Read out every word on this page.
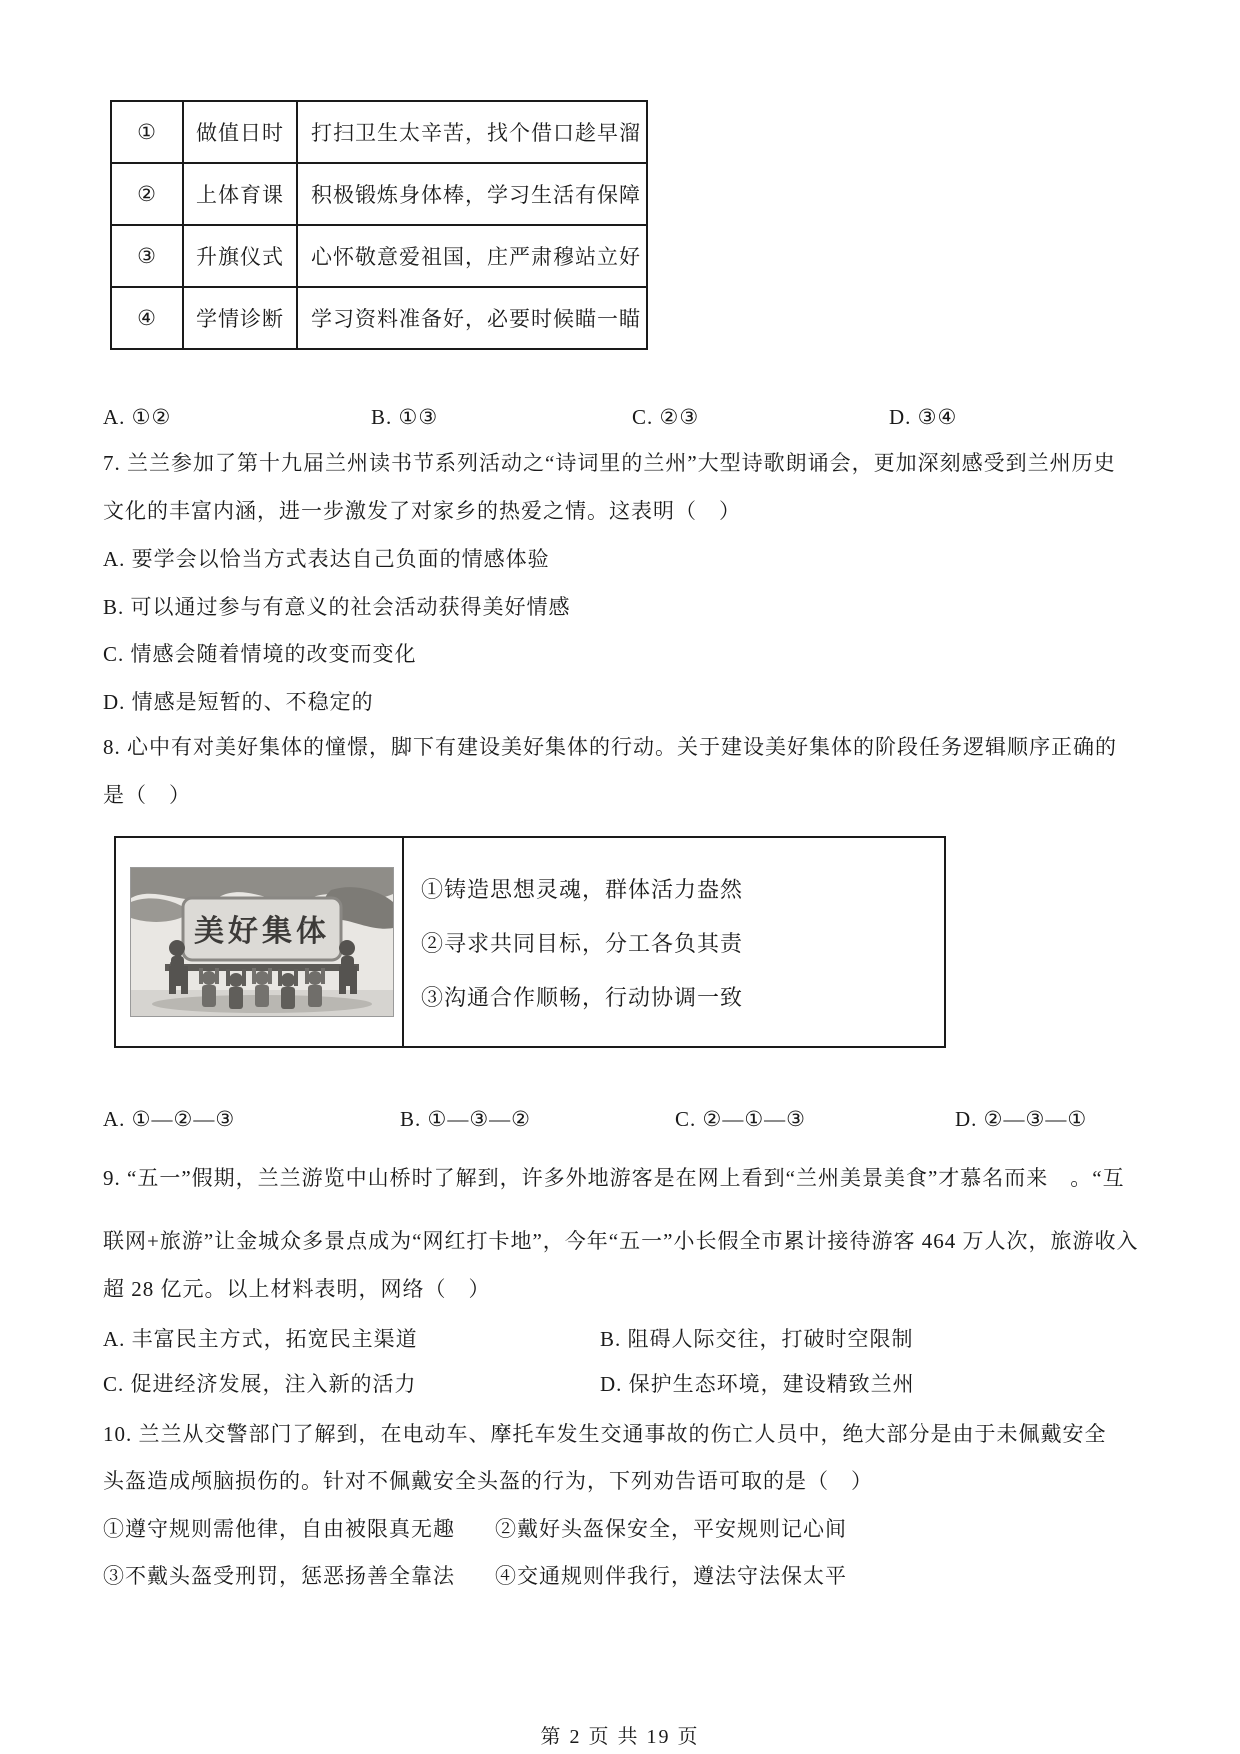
①	做值日时	打扫卫生太辛苦，找个借口趁早溜
②	上体育课	积极锻炼身体棒，学习生活有保障
③	升旗仪式	心怀敬意爱祖国，庄严肃穆站立好
④	学情诊断	学习资料准备好，必要时候瞄一瞄
A. ①②	B. ①③	C. ②③	D. ③④
7. 兰兰参加了第十九届兰州读书节系列活动之“诗词里的兰州”大型诗歌朗诵会，更加深刻感受到兰州历史
文化的丰富内涵，进一步激发了对家乡的热爱之情。这表明（　）
A. 要学会以恰当方式表达自己负面的情感体验
B. 可以通过参与有意义的社会活动获得美好情感
C. 情感会随着情境的改变而变化
D. 情感是短暂的、不稳定的
8. 心中有对美好集体的憧憬，脚下有建设美好集体的行动。关于建设美好集体的阶段任务逻辑顺序正确的
是（　）
美好集体
①铸造思想灵魂，群体活力盎然
②寻求共同目标，分工各负其责
③沟通合作顺畅，行动协调一致
A. ①—②—③	B. ①—③—②	C. ②—①—③	D. ②—③—①
9. “五一”假期，兰兰游览中山桥时了解到，许多外地游客是在网上看到“兰州美景美食”才慕名而来　。“互
联网+旅游”让金城众多景点成为“网红打卡地”，今年“五一”小长假全市累计接待游客 464 万人次，旅游收入
超 28 亿元。以上材料表明，网络（　）
A. 丰富民主方式，拓宽民主渠道	B. 阻碍人际交往，打破时空限制
C. 促进经济发展，注入新的活力	D. 保护生态环境，建设精致兰州
10. 兰兰从交警部门了解到，在电动车、摩托车发生交通事故的伤亡人员中，绝大部分是由于未佩戴安全
头盔造成颅脑损伤的。针对不佩戴安全头盔的行为，下列劝告语可取的是（　）
①遵守规则需他律，自由被限真无趣 ②戴好头盔保安全，平安规则记心间
③不戴头盔受刑罚，惩恶扬善全靠法 ④交通规则伴我行，遵法守法保太平
第 2 页 共 19 页
